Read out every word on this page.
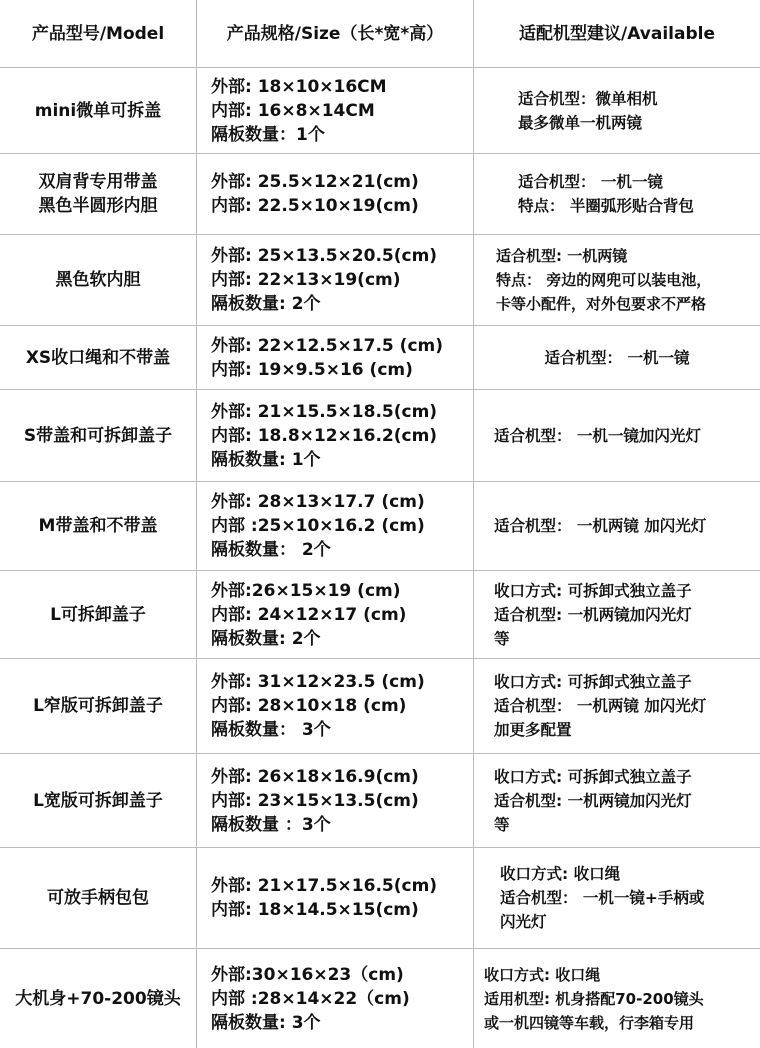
产品型号/Model	产品规格/Size（长*宽*高）	适配机型建议/Available
mini微单可拆盖
外部: 18×10×16CM
内部: 16×8×14CM
隔板数量：1个
适合机型：微单相机
最多微单一机两镜
双肩背专用带盖
黑色半圆形内胆
外部: 25.5×12×21(cm)
内部: 22.5×10×19(cm)
适合机型： 一机一镜
特点： 半圈弧形贴合背包
黑色软内胆
外部: 25×13.5×20.5(cm)
内部: 22×13×19(cm)
隔板数量: 2个
适合机型: 一机两镜
特点： 旁边的网兜可以装电池，
卡等小配件，对外包要求不严格
XS收口绳和不带盖
外部: 22×12.5×17.5 (cm)
内部: 19×9.5×16 (cm)
适合机型： 一机一镜
S带盖和可拆卸盖子
外部: 21×15.5×18.5(cm)
内部: 18.8×12×16.2(cm)
隔板数量: 1个
适合机型： 一机一镜加闪光灯
M带盖和不带盖
外部: 28×13×17.7 (cm)
内部 :25×10×16.2 (cm)
隔板数量： 2个
适合机型： 一机两镜 加闪光灯
L可拆卸盖子
外部:26×15×19 (cm)
内部: 24×12×17 (cm)
隔板数量: 2个
收口方式: 可拆卸式独立盖子
适合机型: 一机两镜加闪光灯
等
L窄版可拆卸盖子
外部: 31×12×23.5 (cm)
内部: 28×10×18 (cm)
隔板数量： 3个
收口方式: 可拆卸式独立盖子
适合机型： 一机两镜 加闪光灯
加更多配置
L宽版可拆卸盖子
外部: 26×18×16.9(cm)
内部: 23×15×13.5(cm)
隔板数量 ：3个
收口方式: 可拆卸式独立盖子
适合机型: 一机两镜加闪光灯
等
可放手柄包包
外部: 21×17.5×16.5(cm)
内部: 18×14.5×15(cm)
收口方式: 收口绳
适合机型： 一机一镜+手柄或
闪光灯
大机身+70-200镜头
外部:30×16×23（cm)
内部 :28×14×22（cm)
隔板数量: 3个
收口方式: 收口绳
适用机型: 机身搭配70-200镜头
或一机四镜等车载，行李箱专用
